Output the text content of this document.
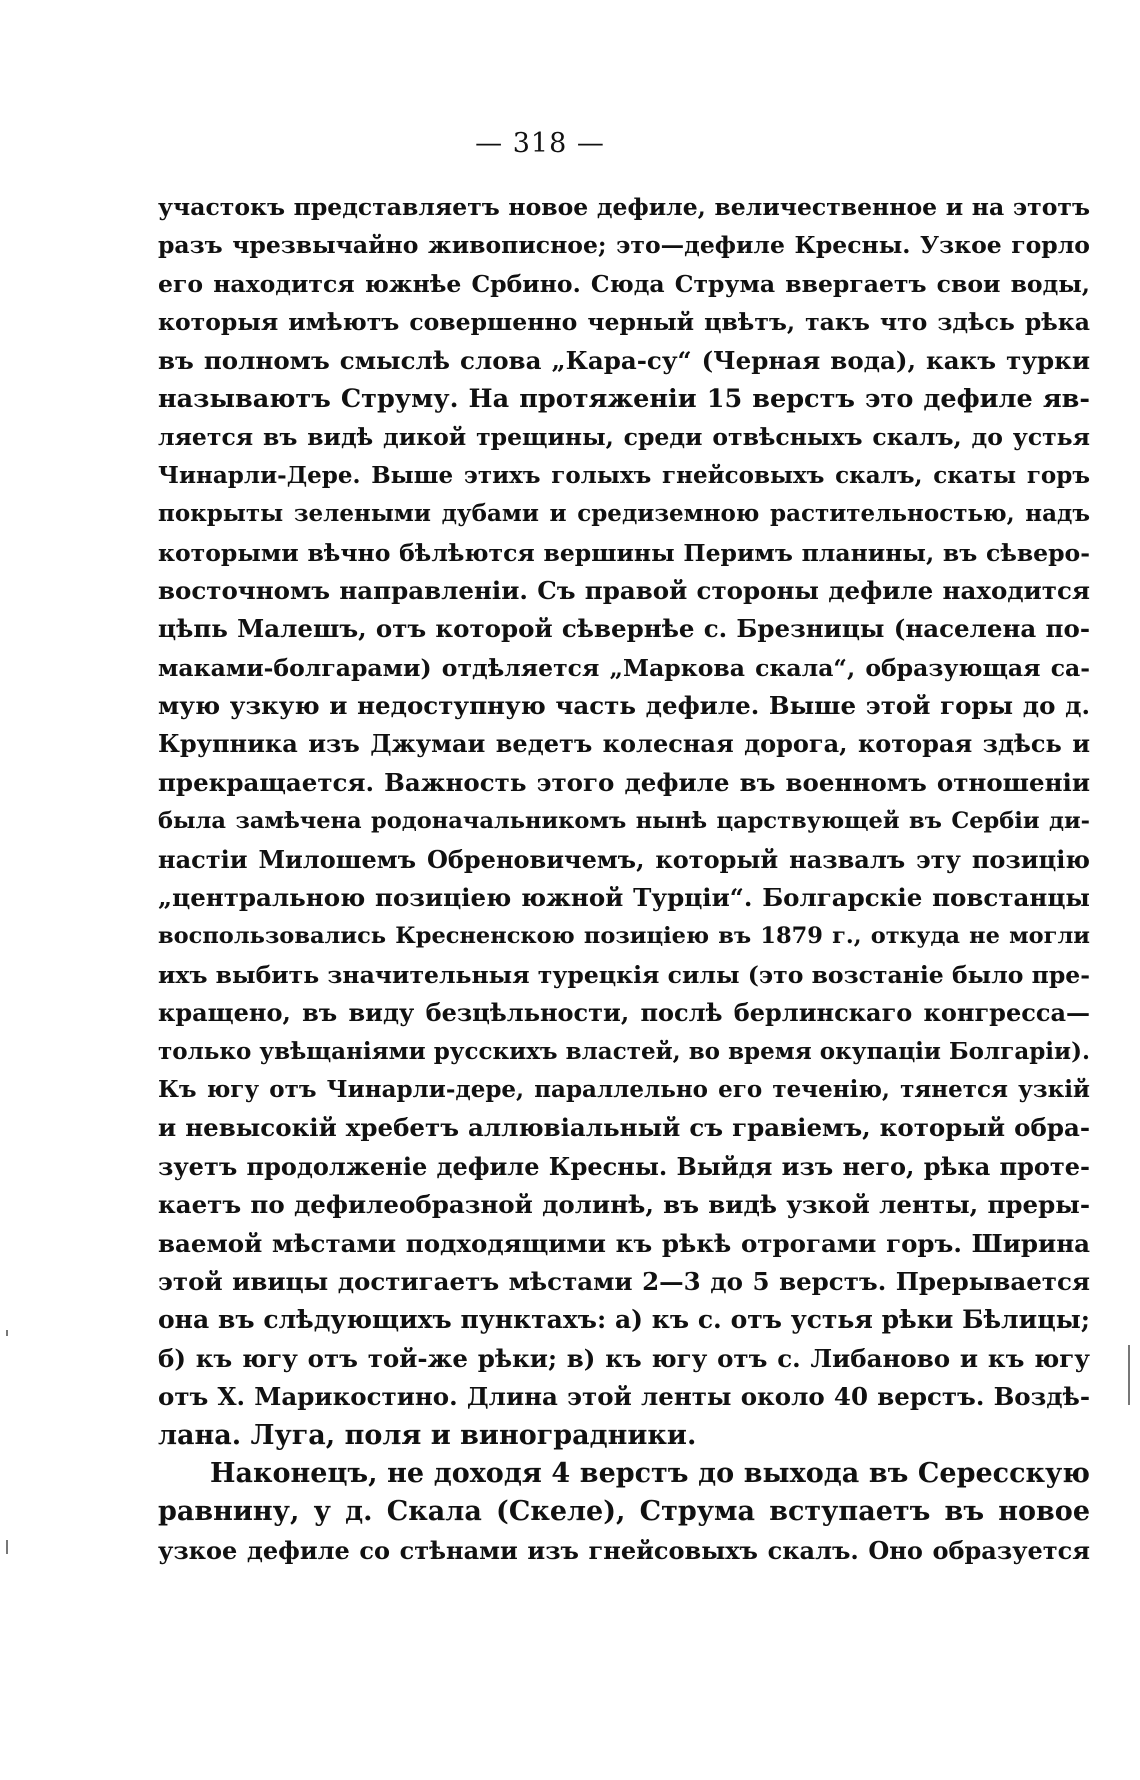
— 318 —
участокъ представляетъ новое дефиле, величественное и на этотъ
разъ чрезвычайно живописное; это—дефиле Кресны. Узкое горло
его находится южнѣе Србино. Сюда Струма ввергаетъ свои воды,
которыя имѣютъ совершенно черный цвѣтъ, такъ что здѣсь рѣка
въ полномъ смыслѣ слова „Кара-су“ (Черная вода), какъ турки
называютъ Струму. На протяженiи 15 верстъ это дефиле яв-
ляется въ видѣ дикой трещины, среди отвѣсныхъ скалъ, до устья
Чинарли-Дере. Выше этихъ голыхъ гнейсовыхъ скалъ, скаты горъ
покрыты зелеными дубами и средиземною растительностью, надъ
которыми вѣчно бѣлѣются вершины Перимъ планины, въ сѣверо-
восточномъ направленiи. Съ правой стороны дефиле находится
цѣпь Малешъ, отъ которой сѣвернѣе с. Брезницы (населена по-
маками-болгарами) отдѣляется „Маркова скала“, образующая са-
мую узкую и недоступную часть дефиле. Выше этой горы до д.
Крупника изъ Джумаи ведетъ колесная дорога, которая здѣсь и
прекращается. Важность этого дефиле въ военномъ отношенiи
была замѣчена родоначальникомъ нынѣ царствующей въ Сербiи ди-
настiи Милошемъ Обреновичемъ, который назвалъ эту позицiю
„центральною позицiею южной Турцiи“. Болгарскiе повстанцы
воспользовались Кресненскою позицiею въ 1879 г., откуда не могли
ихъ выбить значительныя турецкiя силы (это возстанiе было пре-
кращено, въ виду безцѣльности, послѣ берлинскаго конгресса—
только увѣщанiями русскихъ властей, во время окупацiи Болгарiи).
Къ югу отъ Чинарли-дере, параллельно его теченiю, тянется узкiй
и невысокiй хребетъ аллювiальный съ гравiемъ, который обра-
зуетъ продолженiе дефиле Кресны. Выйдя изъ него, рѣка проте-
каетъ по дефилеобразной долинѣ, въ видѣ узкой ленты, преры-
ваемой мѣстами подходящими къ рѣкѣ отрогами горъ. Ширина
этой ивицы достигаетъ мѣстами 2—3 до 5 верстъ. Прерывается
она въ слѣдующихъ пунктахъ: а) къ с. отъ устья рѣки Бѣлицы;
б) къ югу отъ той-же рѣки; в) къ югу отъ с. Либаново и къ югу
отъ Х. Марикостино. Длина этой ленты около 40 верстъ. Воздѣ-
лана. Луга, поля и виноградники.
Наконецъ, не доходя 4 верстъ до выхода въ Сересскую
равнину, у д. Скала (Скеле), Струма вступаетъ въ новое
узкое дефиле со стѣнами изъ гнейсовыхъ скалъ. Оно образуется
